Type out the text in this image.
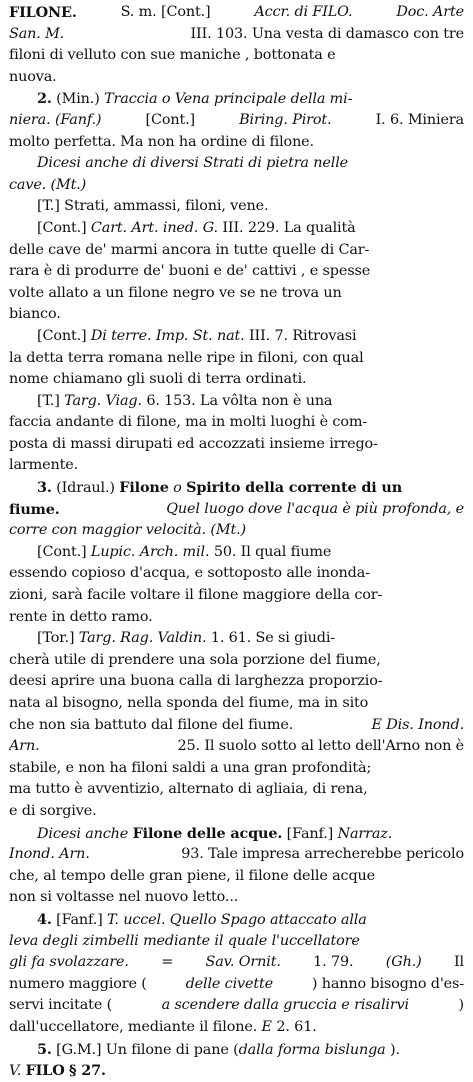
FILONE.	S. m. [Cont.]	Accr. di FILO.	Doc. Arte
San. M.	III. 103. Una vesta di damasco con tre
filoni di velluto con sue maniche , bottonata e
nuova.
2. (Min.) Traccia o Vena principale della mi-
niera. (Fanf.)	[Cont.]	Biring. Pirot.	I. 6. Miniera
molto perfetta. Ma non ha ordine di filone.
Dicesi anche di diversi Strati di pietra nelle
cave. (Mt.)
[T.] Strati, ammassi, filoni, vene.
[Cont.] Cart. Art. ined. G. III. 229. La qualità
delle cave de' marmi ancora in tutte quelle di Car-
rara è di produrre de' buoni e de' cattivi , e spesse
volte allato a un filone negro ve se ne trova un
bianco.
[Cont.] Di terre. Imp. St. nat. III. 7. Ritrovasi
la detta terra romana nelle ripe in filoni, con qual
nome chiamano gli suoli di terra ordinati.
[T.] Targ. Viag. 6. 153. La vôlta non è una
faccia andante di filone, ma in molti luoghi è com-
posta di massi dirupati ed accozzati insieme irrego-
larmente.
3. (Idraul.) Filone o Spirito della corrente di un
fiume.	Quel luogo dove l'acqua è più profonda, e
corre con maggior velocità. (Mt.)
[Cont.] Lupic. Arch. mil. 50. Il qual fiume
essendo copioso d'acqua, e sottoposto alle inonda-
zioni, sarà facile voltare il filone maggiore della cor-
rente in detto ramo.
[Tor.] Targ. Rag. Valdin. 1. 61. Se si giudi-
cherà utile di prendere una sola porzione del fiume,
deesi aprire una buona calla di larghezza proporzio-
nata al bisogno, nella sponda del fiume, ma in sito
che non sia battuto dal filone del fiume.	E Dis. Inond.
Arn.	25. Il suolo sotto al letto dell'Arno non è
stabile, e non ha filoni saldi a una gran profondità;
ma tutto è avventizio, alternato di agliaia, di rena,
e di sorgive.
Dicesi anche Filone delle acque. [Fanf.] Narraz.
Inond. Arn.	93. Tale impresa arrecherebbe pericolo
che, al tempo delle gran piene, il filone delle acque
non si voltasse nel nuovo letto...
4. [Fanf.] T. uccel. Quello Spago attaccato alla
leva degli zimbelli mediante il quale l'uccellatore
gli fa svolazzare. = Sav. Ornit. 1. 79. (Gh.) Il
numero maggiore (	delle civette	) hanno bisogno d'es-
servi incitate (	a scendere dalla gruccia e risalirvi	)
dall'uccellatore, mediante il filone. E 2. 61.
5. [G.M.] Un filone di pane (dalla forma bislunga ).
V. FILO § 27.
